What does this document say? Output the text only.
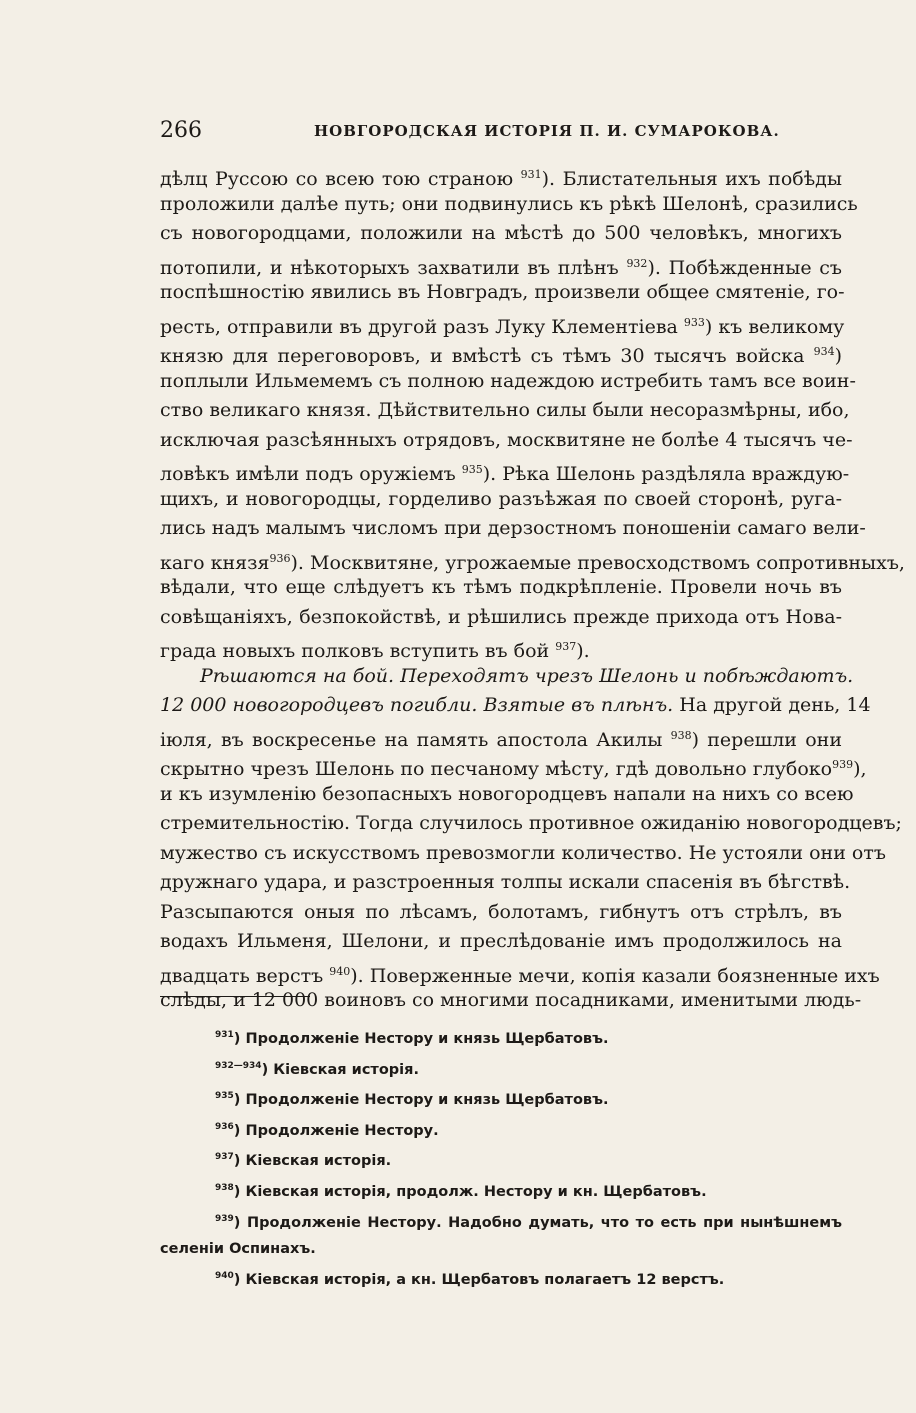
266	НОВГОРОДСКАЯ ИСТОРІЯ П. И. СУМАРОКОВА.
дѣлц Руссою со всею тою страною $^{931}$). Блистательныя ихъ побѣды
проложили далѣе путь; они подвинулись къ рѣкѣ Шелонѣ, сразились
съ новогородцами, положили на мѣстѣ до 500 человѣкъ, многихъ
потопили, и нѣкоторыхъ захватили въ плѣнъ $^{932}$). Побѣжденные съ
поспѣшностію явились въ Новградъ, произвели общее смятеніе, го-
ресть, отправили въ другой разъ Луку Клементіева $^{933}$) къ великому
князю для переговоровъ, и вмѣстѣ съ тѣмъ 30 тысячъ войска $^{934}$)
поплыли Ильмемемъ съ полною надеждою истребить тамъ все воин-
ство великаго князя. Дѣйствительно силы были несоразмѣрны, ибо,
исключая разсѣянныхъ отрядовъ, москвитяне не болѣе 4 тысячъ че-
ловѣкъ имѣли подъ оружіемъ $^{935}$). Рѣка Шелонь раздѣляла враждую-
щихъ, и новогородцы, горделиво разъѣжая по своей сторонѣ, руга-
лись надъ малымъ числомъ при дерзостномъ поношеніи самаго вели-
каго князя$^{936}$). Москвитяне, угрожаемые превосходствомъ сопротивныхъ,
вѣдали, что еще слѣдуетъ къ тѣмъ подкрѣпленіе. Провели ночь въ
совѣщаніяхъ, безпокойствѣ, и рѣшились прежде прихода отъ Нова-
града новыхъ полковъ вступить въ бой $^{937}$).
Рѣшаются на бой. Переходятъ чрезъ Шелонь и побѣждаютъ.
12 000 новогородцевъ погибли. Взятые въ плѣнъ. На другой день, 14
іюля, въ воскресенье на память апостола Акилы $^{938}$) перешли они
скрытно чрезъ Шелонь по песчаному мѣсту, гдѣ довольно глубоко$^{939}$),
и къ изумленію безопасныхъ новогородцевъ напали на нихъ со всею
стремительностію. Тогда случилось противное ожиданію новогородцевъ;
мужество съ искусствомъ превозмогли количество. Не устояли они отъ
дружнаго удара, и разстроенныя толпы искали спасенія въ бѣгствѣ.
Разсыпаются оныя по лѣсамъ, болотамъ, гибнутъ отъ стрѣлъ, въ
водахъ Ильменя, Шелони, и преслѣдованіе имъ продолжилось на
двадцать верстъ $^{940}$). Поверженные мечи, копія казали боязненные ихъ
слѣды, и 12 000 воиновъ со многими посадниками, именитыми людь-
$^{931}$) Продолженіе Нестору и князь Щербатовъ.
$^{932—934}$) Кіевская исторія.
$^{935}$) Продолженіе Нестору и князь Щербатовъ.
$^{936}$) Продолженіе Нестору.
$^{937}$) Кіевская исторія.
$^{938}$) Кіевская исторія, продолж. Нестору и кн. Щербатовъ.
$^{939}$) Продолженіе Нестору. Надобно думать, что то есть при нынѣшнемъ
селеніи Оспинахъ.
$^{940}$) Кіевская исторія, а кн. Щербатовъ полагаетъ 12 верстъ.
